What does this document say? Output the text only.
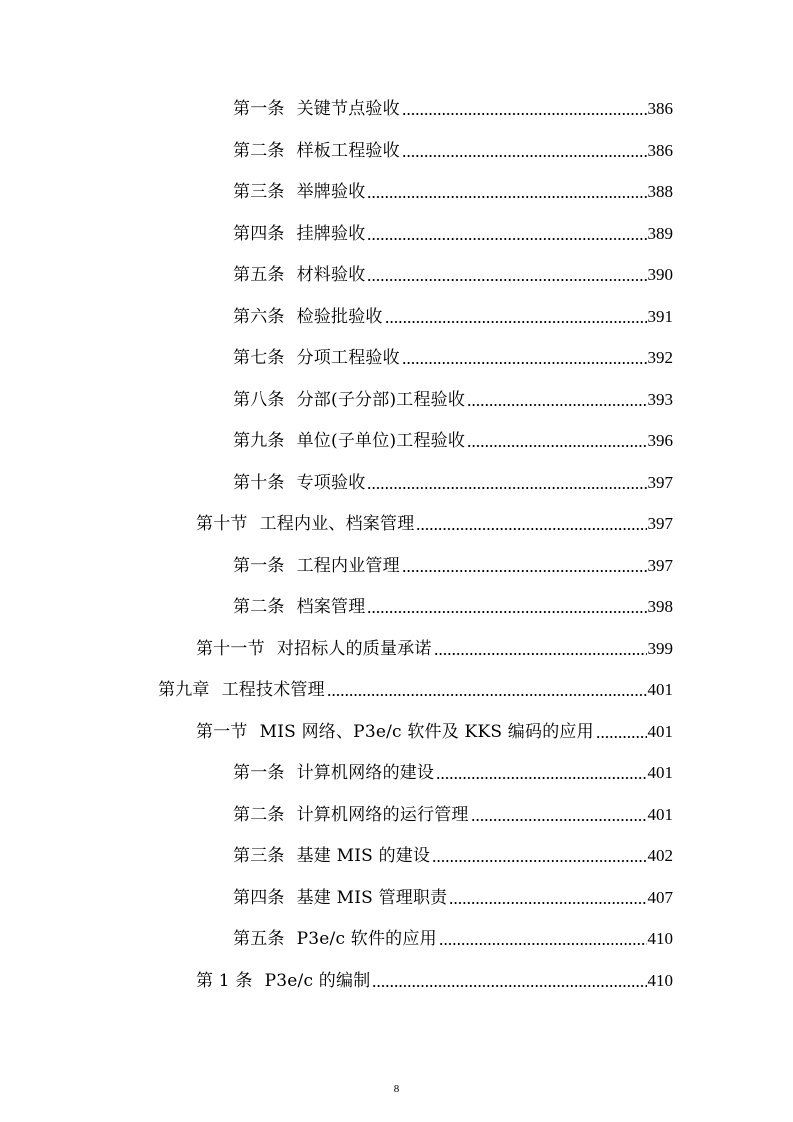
第一条 关键节点验收	386
第二条 样板工程验收	386
第三条 举牌验收	388
第四条 挂牌验收	389
第五条 材料验收	390
第六条 检验批验收	391
第七条 分项工程验收	392
第八条 分部(子分部)工程验收	393
第九条 单位(子单位)工程验收	396
第十条 专项验收	397
第十节 工程内业、档案管理	397
第一条 工程内业管理	397
第二条 档案管理	398
第十一节 对招标人的质量承诺	399
第九章 工程技术管理	401
第一节 MIS 网络、P3e/c 软件及 KKS 编码的应用	401
第一条 计算机网络的建设	401
第二条 计算机网络的运行管理	401
第三条 基建 MIS 的建设	402
第四条 基建 MIS 管理职责	407
第五条 P3e/c 软件的应用	410
第 1 条 P3e/c 的编制	410
8
